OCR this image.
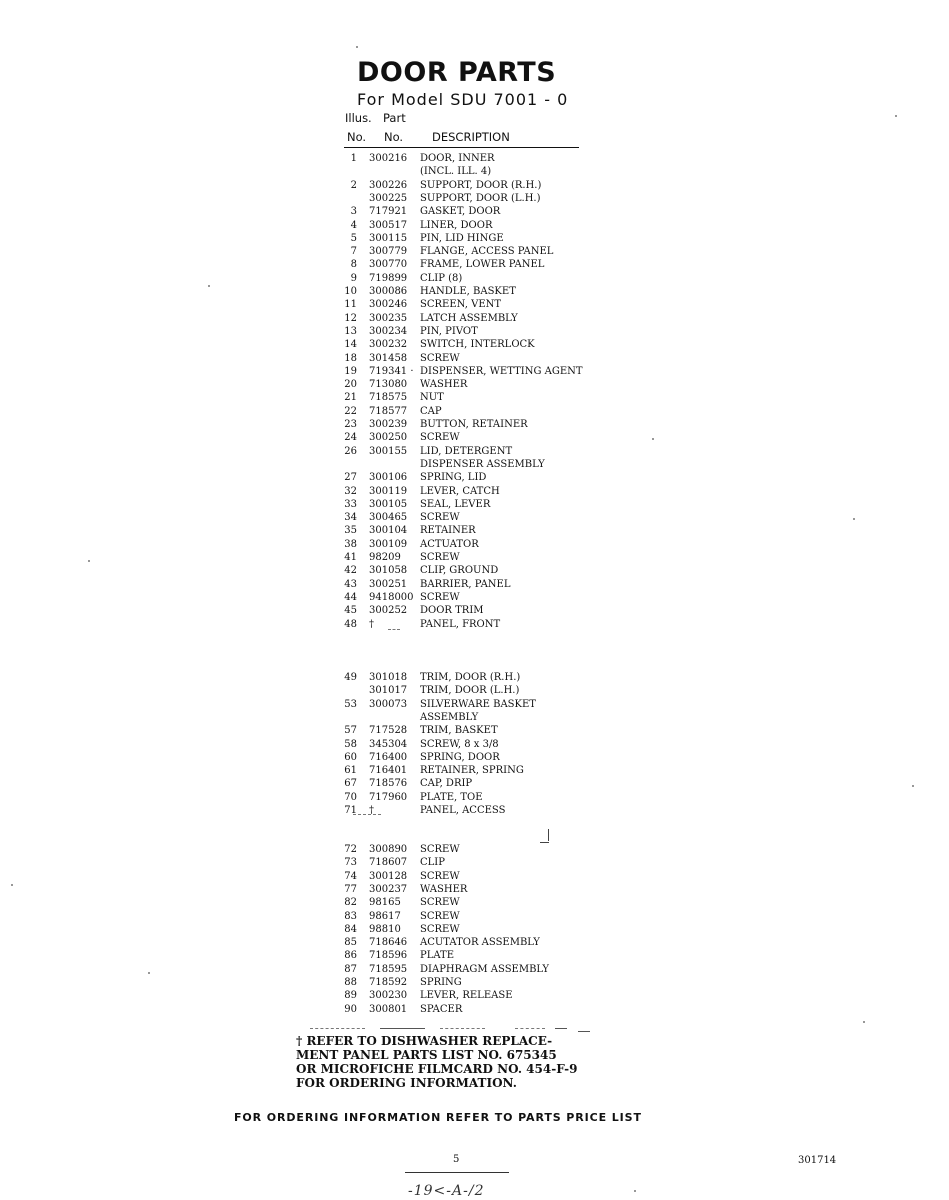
DOOR PARTS
For Model SDU 7001 - 0
Illus. Part
No. No.	DESCRIPTION
1 300216 DOOR, INNER
(INCL. ILL. 4)
2 300226 SUPPORT, DOOR (R.H.)
300225 SUPPORT, DOOR (L.H.)
3 717921 GASKET, DOOR
4 300517 LINER, DOOR
5 300115 PIN, LID HINGE
7 300779 FLANGE, ACCESS PANEL
8 300770 FRAME, LOWER PANEL
9 719899 CLIP (8)
10 300086 HANDLE, BASKET
11 300246 SCREEN, VENT
12 300235 LATCH ASSEMBLY
13 300234 PIN, PIVOT
14 300232 SWITCH, INTERLOCK
18 301458 SCREW
19 719341 · DISPENSER, WETTING AGENT
20 713080 WASHER
21 718575 NUT
22 718577 CAP
23 300239 BUTTON, RETAINER
24 300250 SCREW
26 300155 LID, DETERGENT
DISPENSER ASSEMBLY
27 300106 SPRING, LID
32 300119 LEVER, CATCH
33 300105 SEAL, LEVER
34 300465 SCREW
35 300104 RETAINER
38 300109 ACTUATOR
41 98209 SCREW
42 301058 CLIP, GROUND
43 300251 BARRIER, PANEL
44 9418000 SCREW
45 300252 DOOR TRIM
48 †	PANEL, FRONT
49 301018 TRIM, DOOR (R.H.)
301017 TRIM, DOOR (L.H.)
53 300073 SILVERWARE BASKET
ASSEMBLY
57 717528 TRIM, BASKET
58 345304 SCREW, 8 x 3/8
60 716400 SPRING, DOOR
61 716401 RETAINER, SPRING
67 718576 CAP, DRIP
70 717960 PLATE, TOE
71 †	PANEL, ACCESS
72 300890 SCREW
73 718607 CLIP
74 300128 SCREW
77 300237 WASHER
82 98165 SCREW
83 98617 SCREW
84 98810 SCREW
85 718646 ACUTATOR ASSEMBLY
86 718596 PLATE
87 718595 DIAPHRAGM ASSEMBLY
88 718592 SPRING
89 300230 LEVER, RELEASE
90 300801 SPACER
† REFER TO DISHWASHER REPLACE-
MENT PANEL PARTS LIST NO. 675345
OR MICROFICHE FILMCARD NO. 454-F-9
FOR ORDERING INFORMATION.
FOR ORDERING INFORMATION REFER TO PARTS PRICE LIST
5	301714
-19<-A-/2
